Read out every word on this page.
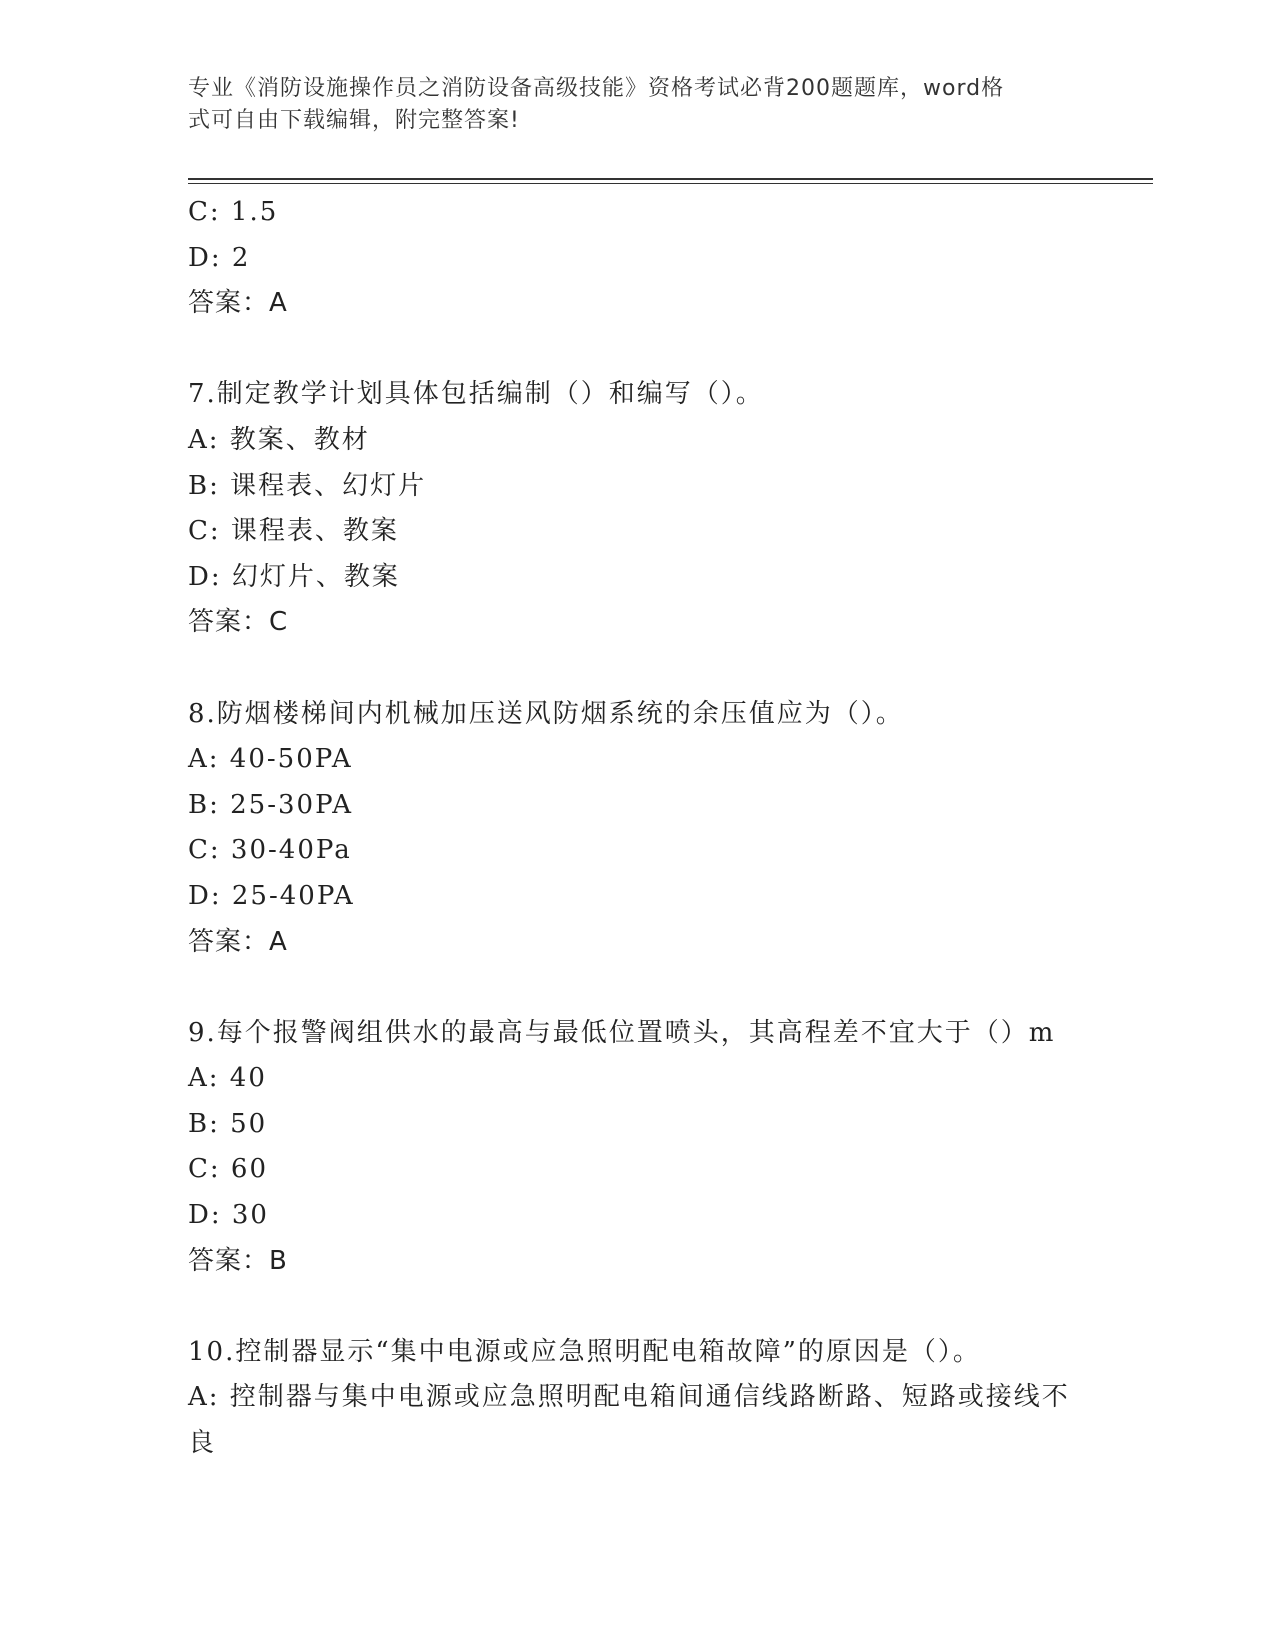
专业《消防设施操作员之消防设备高级技能》资格考试必背200题题库，word格
式可自由下载编辑，附完整答案!
C: 1.5
D: 2
答案：A
7.制定教学计划具体包括编制（）和编写（）。
A: 教案、教材
B: 课程表、幻灯片
C: 课程表、教案
D: 幻灯片、教案
答案：C
8.防烟楼梯间内机械加压送风防烟系统的余压值应为（）。
A: 40-50PA
B: 25-30PA
C: 30-40Pa
D: 25-40PA
答案：A
9.每个报警阀组供水的最高与最低位置喷头，其高程差不宜大于（）m
A: 40
B: 50
C: 60
D: 30
答案：B
10.控制器显示“集中电源或应急照明配电箱故障”的原因是（）。
A: 控制器与集中电源或应急照明配电箱间通信线路断路、短路或接线不良
